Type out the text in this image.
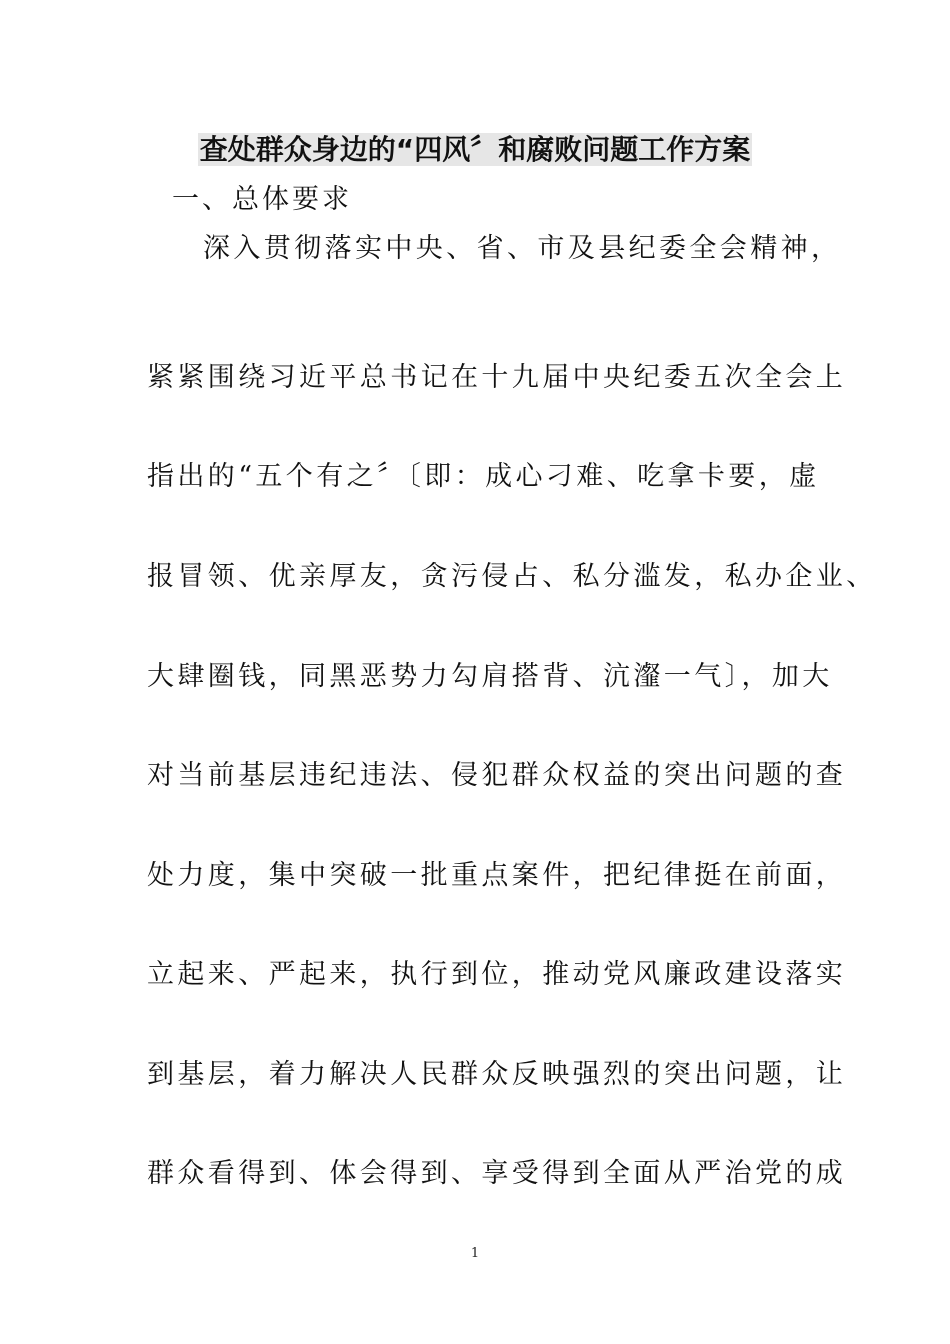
查处群众身边的“四风〞和腐败问题工作方案
一、总体要求
深入贯彻落实中央、省、市及县纪委全会精神，
紧紧围绕习近平总书记在十九届中央纪委五次全会上
指出的“五个有之〞〔即：成心刁难、吃拿卡要，虚
报冒领、优亲厚友，贪污侵占、私分滥发，私办企业、
大肆圈钱，同黑恶势力勾肩搭背、沆瀣一气〕，加大
对当前基层违纪违法、侵犯群众权益的突出问题的查
处力度，集中突破一批重点案件，把纪律挺在前面，
立起来、严起来，执行到位，推动党风廉政建设落实
到基层，着力解决人民群众反映强烈的突出问题，让
群众看得到、体会得到、享受得到全面从严治党的成
1
